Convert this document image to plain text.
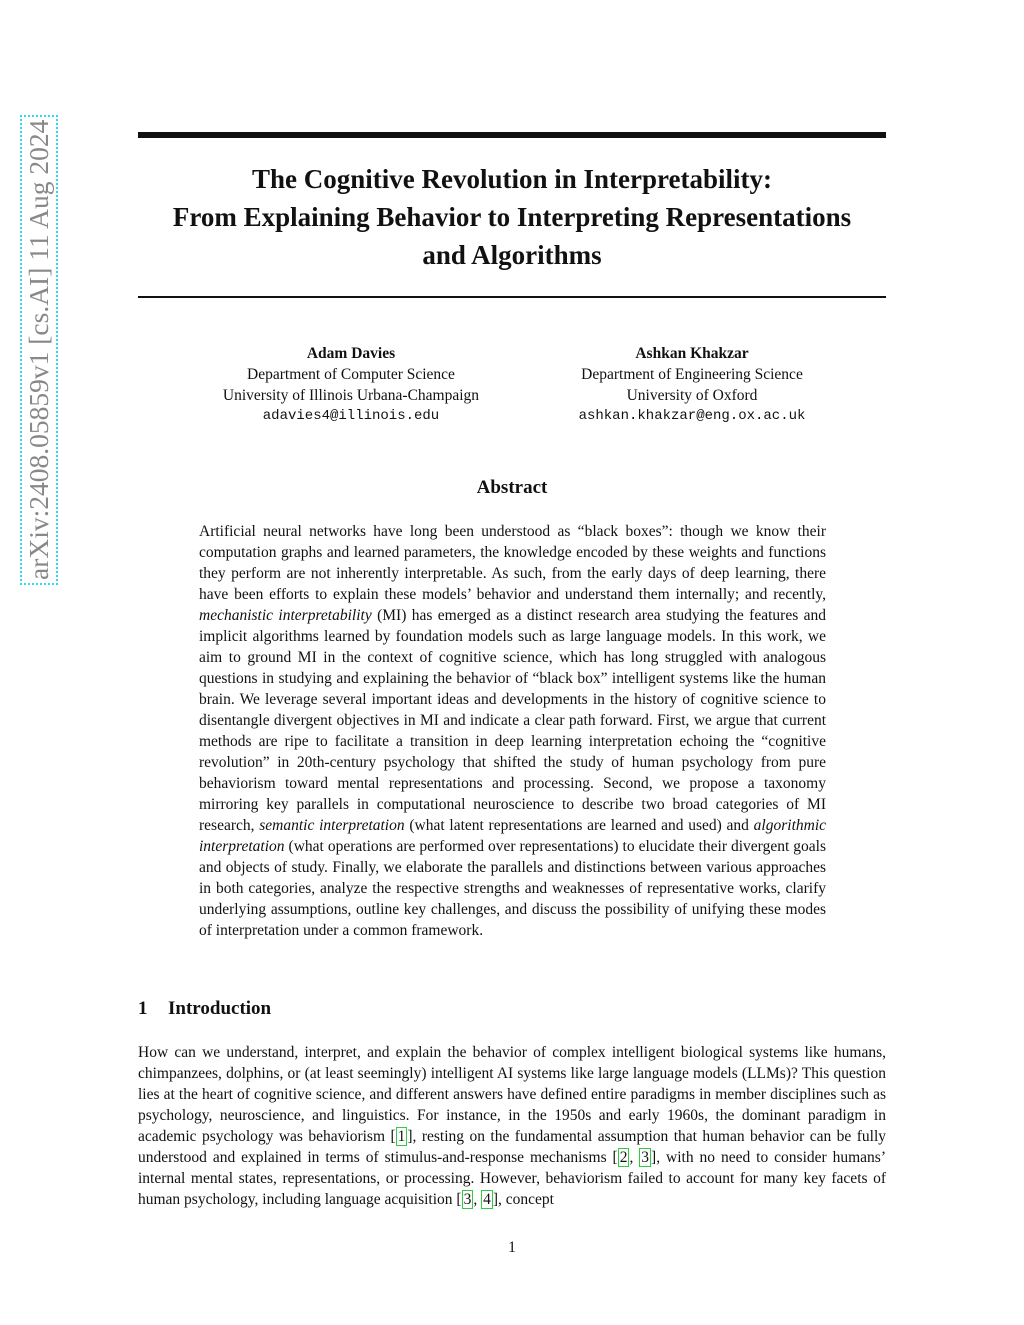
arXiv:2408.05859v1 [cs.AI] 11 Aug 2024	The Cognitive Revolution in Interpretability:
From Explaining Behavior to Interpreting Representations
and Algorithms
Adam Davies
Department of Computer Science
University of Illinois Urbana-Champaign
adavies4@illinois.edu
Ashkan Khakzar
Department of Engineering Science
University of Oxford
ashkan.khakzar@eng.ox.ac.uk
Abstract

Artificial neural networks have long been understood as “black boxes”: though we know their computation graphs and learned parameters, the knowledge encoded by these weights and functions they perform are not inherently interpretable. As such, from the early days of deep learning, there have been efforts to explain these models’ behavior and understand them internally; and recently, mechanistic interpretability (MI) has emerged as a distinct research area studying the features and implicit algorithms learned by foundation models such as large language models. In this work, we aim to ground MI in the context of cognitive science, which has long struggled with analogous questions in studying and explaining the behavior of “black box” intelligent systems like the human brain. We leverage several important ideas and developments in the history of cognitive science to disentangle divergent objectives in MI and indicate a clear path forward. First, we argue that current methods are ripe to facilitate a transition in deep learning interpretation echoing the “cognitive revolution” in 20th-century psychology that shifted the study of human psychology from pure behaviorism toward mental representations and processing. Second, we propose a taxonomy mirroring key parallels in computational neuroscience to describe two broad categories of MI research, semantic interpretation (what latent representations are learned and used) and algorithmic interpretation (what operations are performed over representations) to elucidate their divergent goals and objects of study. Finally, we elaborate the parallels and distinctions between various approaches in both categories, analyze the respective strengths and weaknesses of representative works, clarify underlying assumptions, outline key challenges, and discuss the possibility of unifying these modes of interpretation under a common framework.

1 Introduction

How can we understand, interpret, and explain the behavior of complex intelligent biological systems like humans, chimpanzees, dolphins, or (at least seemingly) intelligent AI systems like large language models (LLMs)? This question lies at the heart of cognitive science, and different answers have defined entire paradigms in member disciplines such as psychology, neuroscience, and linguistics. For instance, in the 1950s and early 1960s, the dominant paradigm in academic psychology was behaviorism [ 1 ], resting on the fundamental assumption that human behavior can be fully understood and explained in terms of stimulus-and-response mechanisms [ 2 , 3 ], with no need to consider humans’ internal mental states, representations, or processing. However, behaviorism failed to account for many key facets of human psychology, including language acquisition [ 3 , 4 ], concept

1
